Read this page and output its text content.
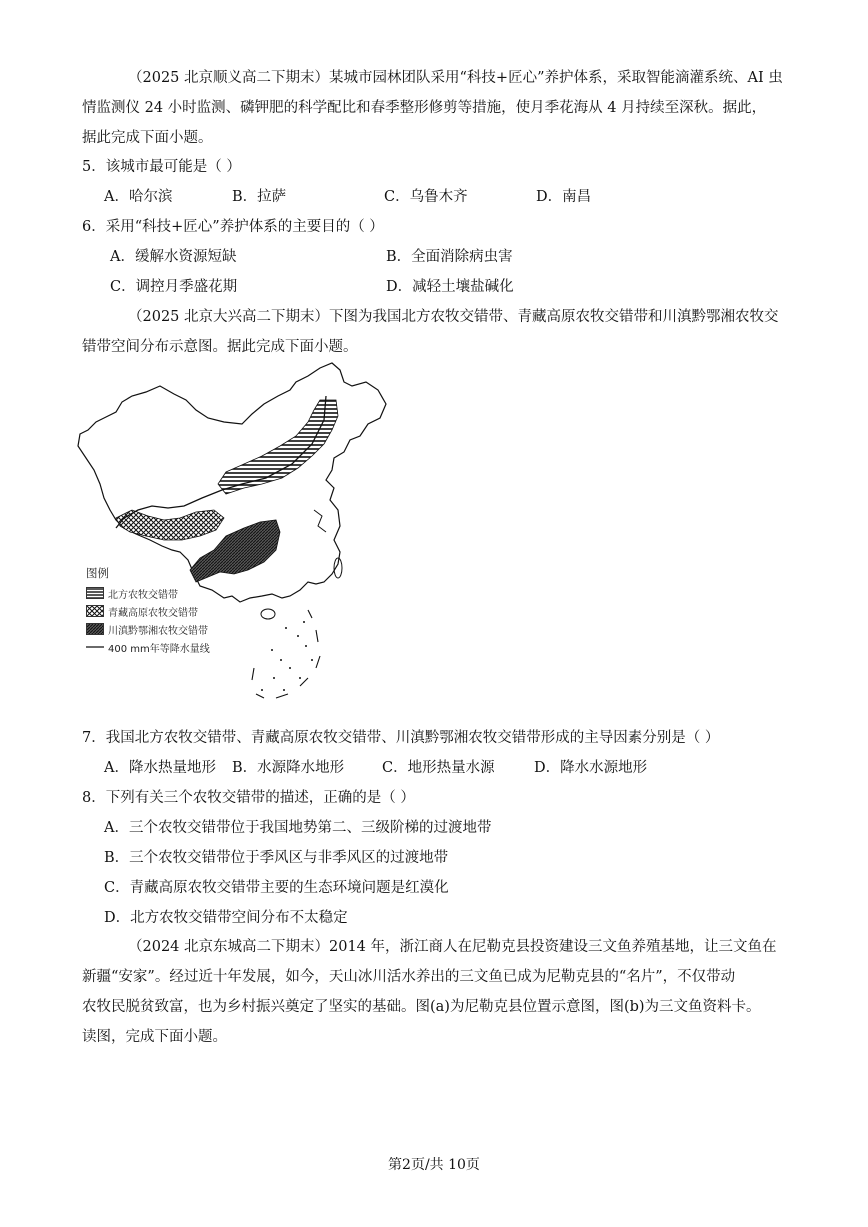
（2025 北京顺义高二下期末）某城市园林团队采用“科技+匠心”养护体系，采取智能滴灌系统、AI 虫
情监测仪 24 小时监测、磷钾肥的科学配比和春季整形修剪等措施，使月季花海从 4 月持续至深秋。据此，
据此完成下面小题。
5．该城市最可能是（ ）
A．哈尔滨	B．拉萨	C．乌鲁木齐	D．南昌
6．采用“科技+匠心”养护体系的主要目的（ ）
A．缓解水资源短缺	B．全面消除病虫害
C．调控月季盛花期	D．减轻土壤盐碱化
（2025 北京大兴高二下期末）下图为我国北方农牧交错带、青藏高原农牧交错带和川滇黔鄂湘农牧交
错带空间分布示意图。据此完成下面小题。
图例
北方农牧交错带
青藏高原农牧交错带
川滇黔鄂湘农牧交错带
400 mm年等降水量线
7．我国北方农牧交错带、青藏高原农牧交错带、川滇黔鄂湘农牧交错带形成的主导因素分别是（ ）
A．降水热量地形 B．水源降水地形	C．地形热量水源	D．降水水源地形
8．下列有关三个农牧交错带的描述，正确的是（ ）
A．三个农牧交错带位于我国地势第二、三级阶梯的过渡地带
B．三个农牧交错带位于季风区与非季风区的过渡地带
C．青藏高原农牧交错带主要的生态环境问题是红漠化
D．北方农牧交错带空间分布不太稳定
（2024 北京东城高二下期末）2014 年，浙江商人在尼勒克县投资建设三文鱼养殖基地，让三文鱼在
新疆“安家”。经过近十年发展，如今，天山冰川活水养出的三文鱼已成为尼勒克县的“名片”，不仅带动
农牧民脱贫致富，也为乡村振兴奠定了坚实的基础。图(a)为尼勒克县位置示意图，图(b)为三文鱼资料卡。
读图，完成下面小题。
第2页/共 10页
